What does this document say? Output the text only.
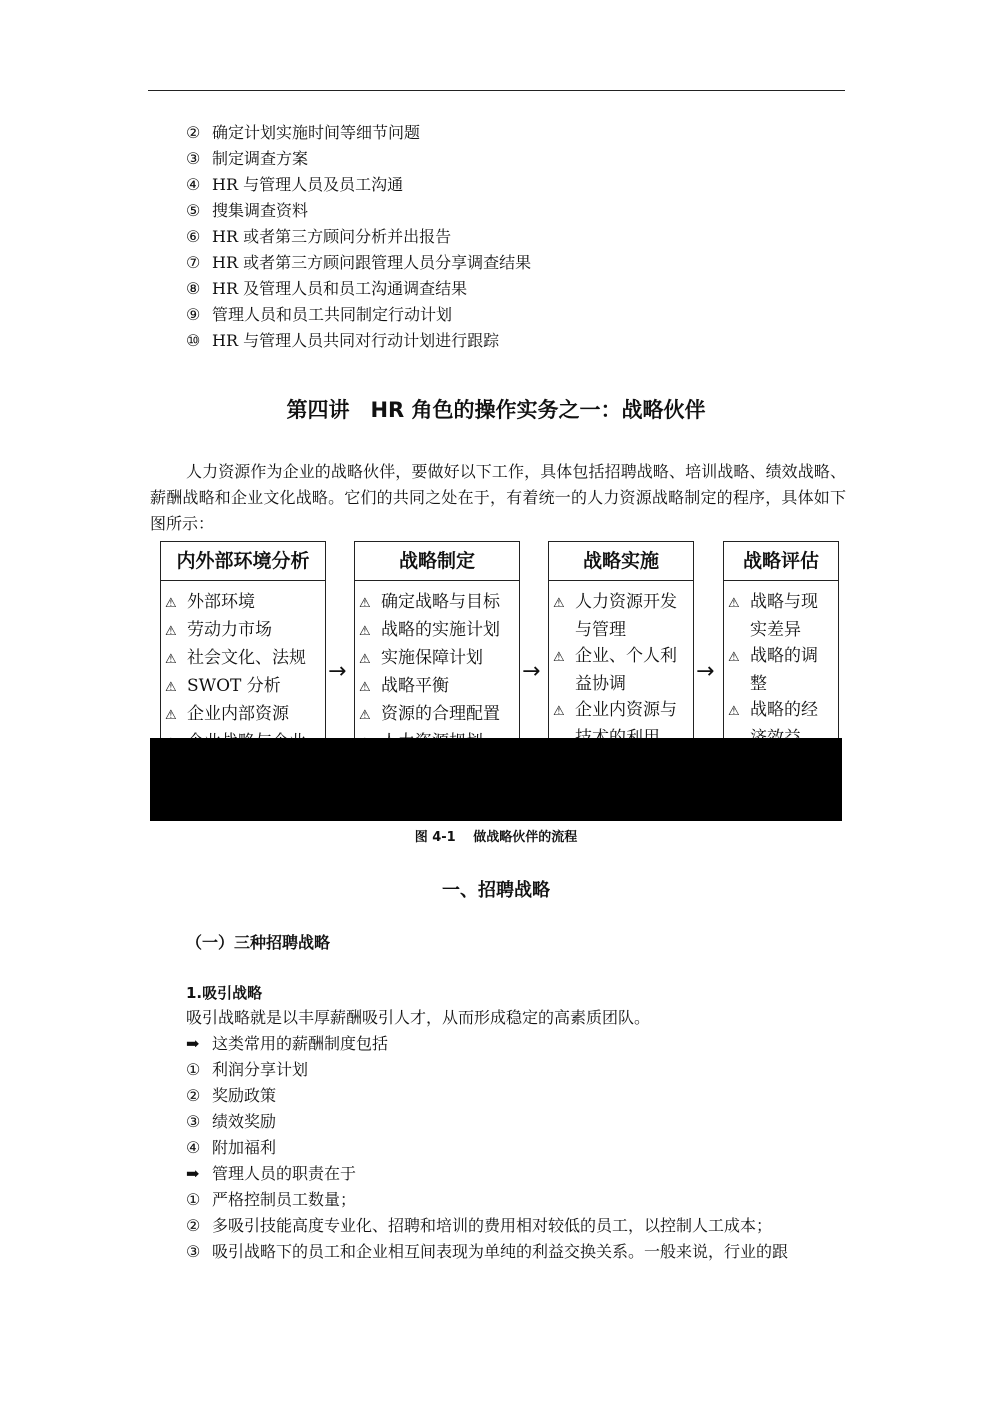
② 确定计划实施时间等细节问题
③ 制定调查方案
④ HR 与管理人员及员工沟通
⑤ 搜集调查资料
⑥ HR 或者第三方顾问分析并出报告
⑦ HR 或者第三方顾问跟管理人员分享调查结果
⑧ HR 及管理人员和员工沟通调查结果
⑨ 管理人员和员工共同制定行动计划
⑩ HR 与管理人员共同对行动计划进行跟踪
第四讲　HR 角色的操作实务之一：战略伙伴
人力资源作为企业的战略伙伴，要做好以下工作，具体包括招聘战略、培训战略、绩效战略、薪酬战略和企业文化战略。它们的共同之处在于，有着统一的人力资源战略制定的程序，具体如下图所示：
内外部环境分析
⚠ 外部环境
⚠ 劳动力市场
⚠ 社会文化、法规
⚠ SWOT 分析
⚠ 企业内部资源
战略制定
⚠ 确定战略与目标
⚠ 战略的实施计划
⚠ 实施保障计划
⚠ 战略平衡
⚠ 资源的合理配置
战略实施
⚠ 人力资源开发
与管理
⚠ 企业、个人利
益协调
⚠ 企业内资源与
战略评估
⚠ 战略与现
实差异
⚠ 战略的调
整
⚠ 战略的经
→	→	→
图 4-1　 做战略伙伴的流程
一、招聘战略
（一）三种招聘战略
1.吸引战略
吸引战略就是以丰厚薪酬吸引人才，从而形成稳定的高素质团队。
➡ 这类常用的薪酬制度包括
① 利润分享计划
② 奖励政策
③ 绩效奖励
④ 附加福利
➡ 管理人员的职责在于
① 严格控制员工数量；
② 多吸引技能高度专业化、招聘和培训的费用相对较低的员工，以控制人工成本；
③ 吸引战略下的员工和企业相互间表现为单纯的利益交换关系。一般来说，行业的跟
